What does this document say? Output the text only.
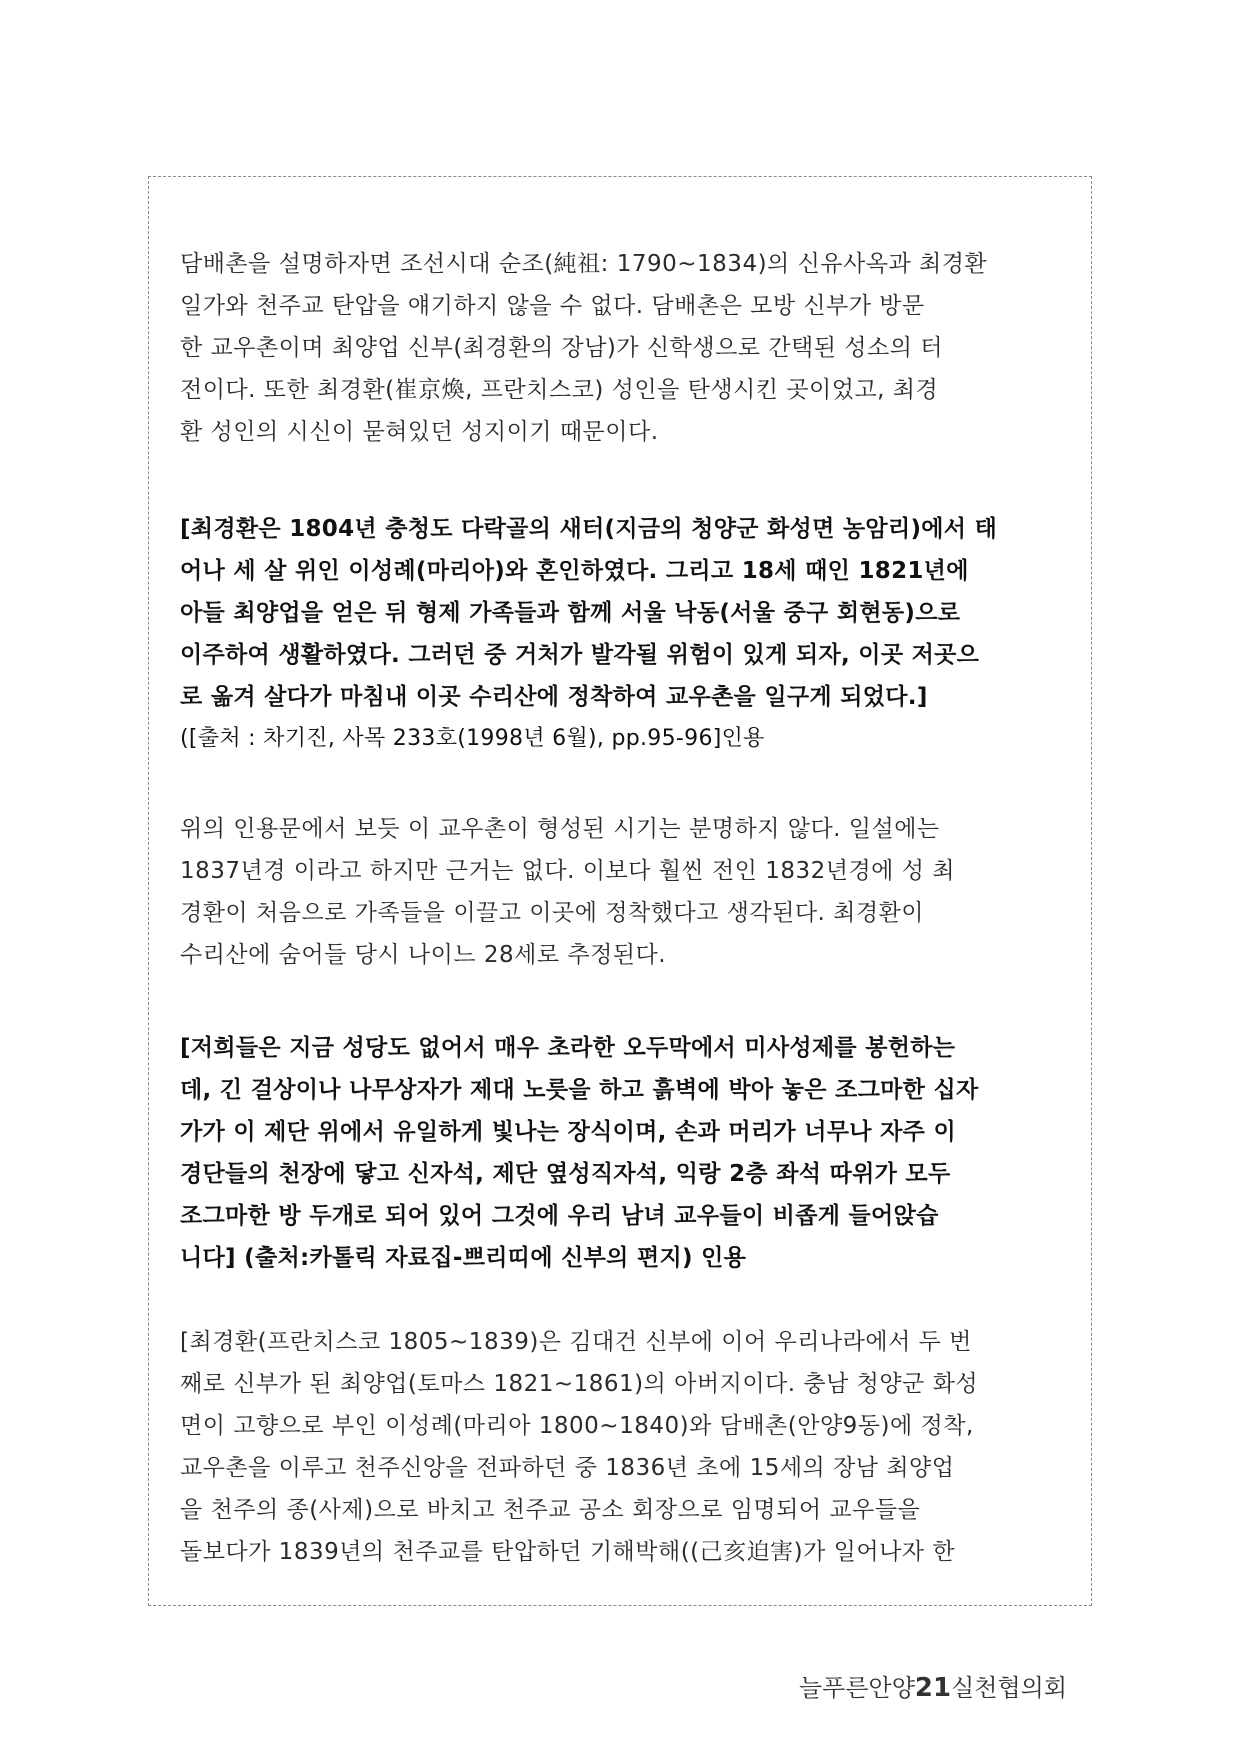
담배촌을 설명하자면 조선시대 순조(純祖: 1790~1834)의 신유사옥과 최경환
일가와 천주교 탄압을 얘기하지 않을 수 없다. 담배촌은 모방 신부가 방문
한 교우촌이며 최양업 신부(최경환의 장남)가 신학생으로 간택된 성소의 터
전이다. 또한 최경환(崔京煥, 프란치스코) 성인을 탄생시킨 곳이었고, 최경
환 성인의 시신이 묻혀있던 성지이기 때문이다.
[최경환은 1804년 충청도 다락골의 새터(지금의 청양군 화성면 농암리)에서 태
어나 세 살 위인 이성례(마리아)와 혼인하였다. 그리고 18세 때인 1821년에
아들 최양업을 얻은 뒤 형제 가족들과 함께 서울 낙동(서울 중구 회현동)으로
이주하여 생활하였다. 그러던 중 거처가 발각될 위험이 있게 되자, 이곳 저곳으
로 옮겨 살다가 마침내 이곳 수리산에 정착하여 교우촌을 일구게 되었다.]
([출처 : 차기진, 사목 233호(1998년 6월), pp.95-96]인용
위의 인용문에서 보듯 이 교우촌이 형성된 시기는 분명하지 않다. 일설에는
1837년경 이라고 하지만 근거는 없다. 이보다 훨씬 전인 1832년경에 성 최
경환이 처음으로 가족들을 이끌고 이곳에 정착했다고 생각된다. 최경환이
수리산에 숨어들 당시 나이느 28세로 추정된다.
[저희들은 지금 성당도 없어서 매우 초라한 오두막에서 미사성제를 봉헌하는
데, 긴 걸상이나 나무상자가 제대 노릇을 하고 흙벽에 박아 놓은 조그마한 십자
가가 이 제단 위에서 유일하게 빛나는 장식이며, 손과 머리가 너무나 자주 이
경단들의 천장에 닿고 신자석, 제단 옆성직자석, 익랑 2층 좌석 따위가 모두
조그마한 방 두개로 되어 있어 그것에 우리 남녀 교우들이 비좁게 들어앉습
니다] (출처:카톨릭 자료집-쁘리띠에 신부의 편지) 인용
[최경환(프란치스코 1805~1839)은 김대건 신부에 이어 우리나라에서 두 번
째로 신부가 된 최양업(토마스 1821~1861)의 아버지이다. 충남 청양군 화성
면이 고향으로 부인 이성례(마리아 1800~1840)와 담배촌(안양9동)에 정착,
교우촌을 이루고 천주신앙을 전파하던 중 1836년 초에 15세의 장남 최양업
을 천주의 종(사제)으로 바치고 천주교 공소 회장으로 임명되어 교우들을
돌보다가 1839년의 천주교를 탄압하던 기해박해((己亥迫害)가 일어나자 한
늘푸른안양21실천협의회
